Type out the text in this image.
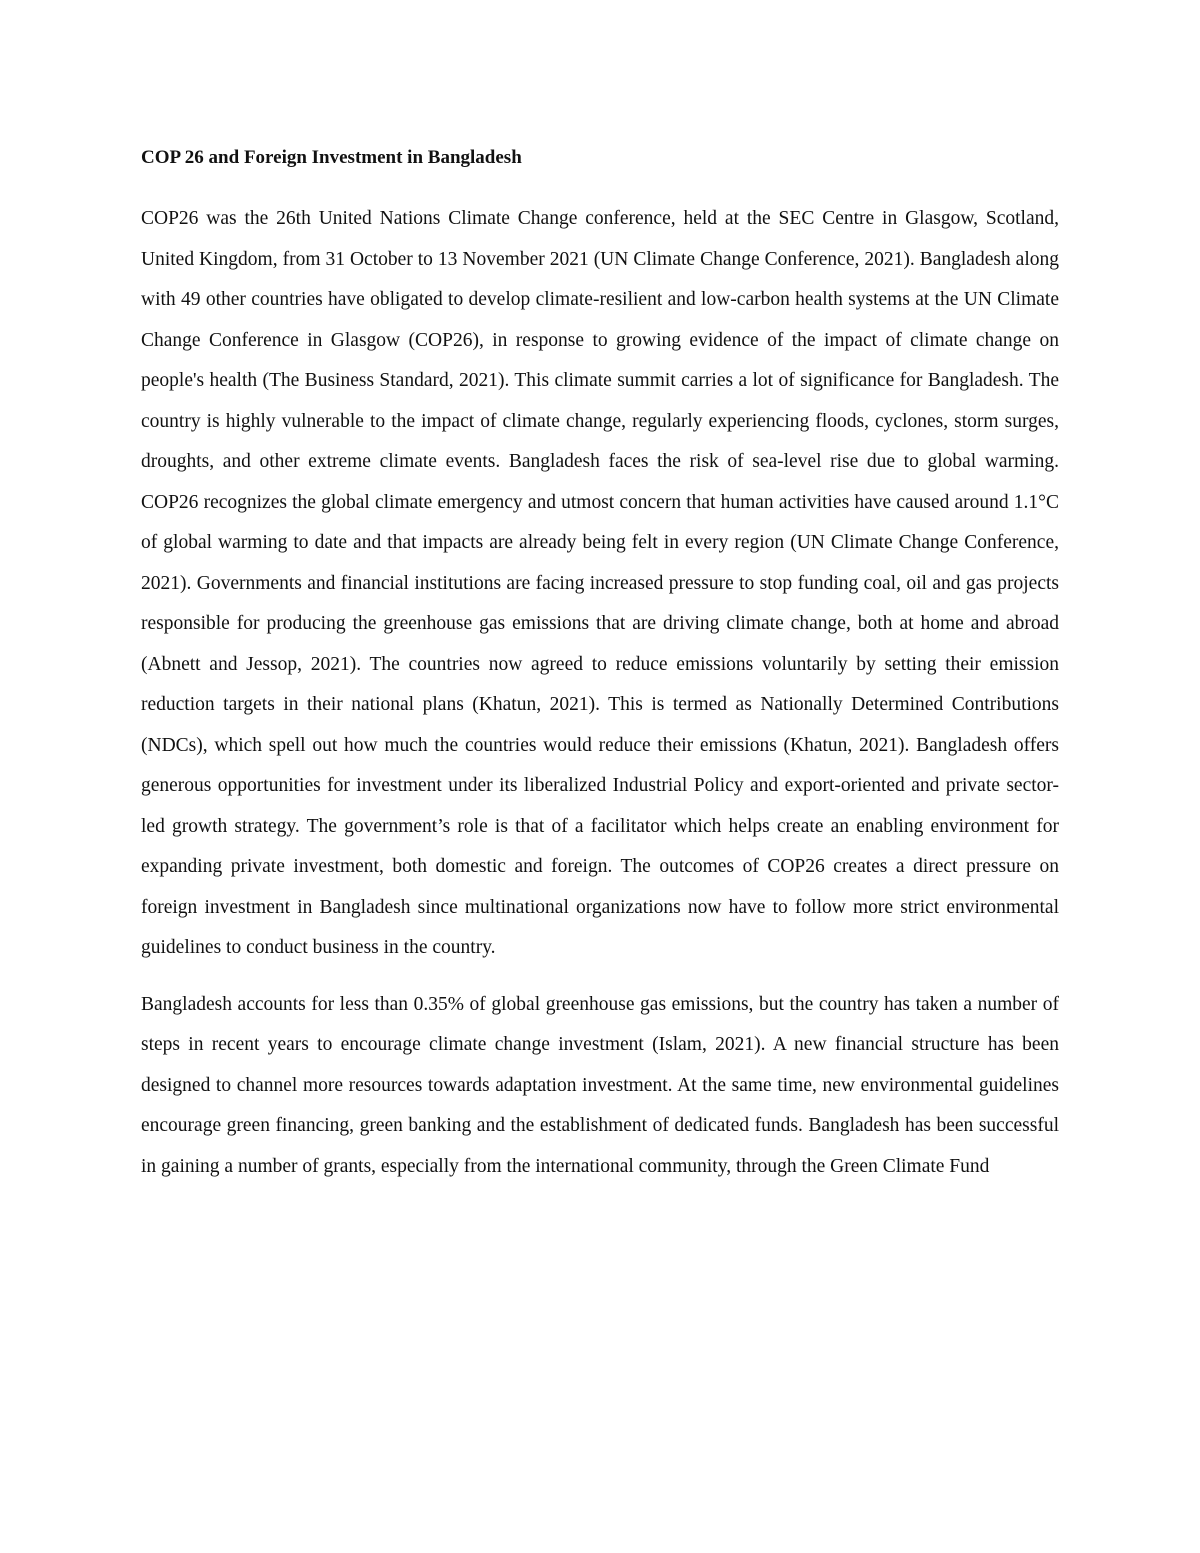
COP 26 and Foreign Investment in Bangladesh

COP26 was the 26th United Nations Climate Change conference, held at the SEC Centre in Glasgow, Scotland, United Kingdom, from 31 October to 13 November 2021 (UN Climate Change Conference, 2021). Bangladesh along with 49 other countries have obligated to develop climate-resilient and low-carbon health systems at the UN Climate Change Conference in Glasgow (COP26), in response to growing evidence of the impact of climate change on people's health (The Business Standard, 2021). This climate summit carries a lot of significance for Bangladesh. The country is highly vulnerable to the impact of climate change, regularly experiencing floods, cyclones, storm surges, droughts, and other extreme climate events. Bangladesh faces the risk of sea-level rise due to global warming. COP26 recognizes the global climate emergency and utmost concern that human activities have caused around 1.1°C of global warming to date and that impacts are already being felt in every region (UN Climate Change Conference, 2021). Governments and financial institutions are facing increased pressure to stop funding coal, oil and gas projects responsible for producing the greenhouse gas emissions that are driving climate change, both at home and abroad (Abnett and Jessop, 2021). The countries now agreed to reduce emissions voluntarily by setting their emission reduction targets in their national plans (Khatun, 2021). This is termed as Nationally Determined Contributions (NDCs), which spell out how much the countries would reduce their emissions (Khatun, 2021). Bangladesh offers generous opportunities for investment under its liberalized Industrial Policy and export-oriented and private sector-led growth strategy. The government’s role is that of a facilitator which helps create an enabling environment for expanding private investment, both domestic and foreign. The outcomes of COP26 creates a direct pressure on foreign investment in Bangladesh since multinational organizations now have to follow more strict environmental guidelines to conduct business in the country.

Bangladesh accounts for less than 0.35% of global greenhouse gas emissions, but the country has taken a number of steps in recent years to encourage climate change investment (Islam, 2021). A new financial structure has been designed to channel more resources towards adaptation investment. At the same time, new environmental guidelines encourage green financing, green banking and the establishment of dedicated funds. Bangladesh has been successful in gaining a number of grants, especially from the international community, through the Green Climate Fund
